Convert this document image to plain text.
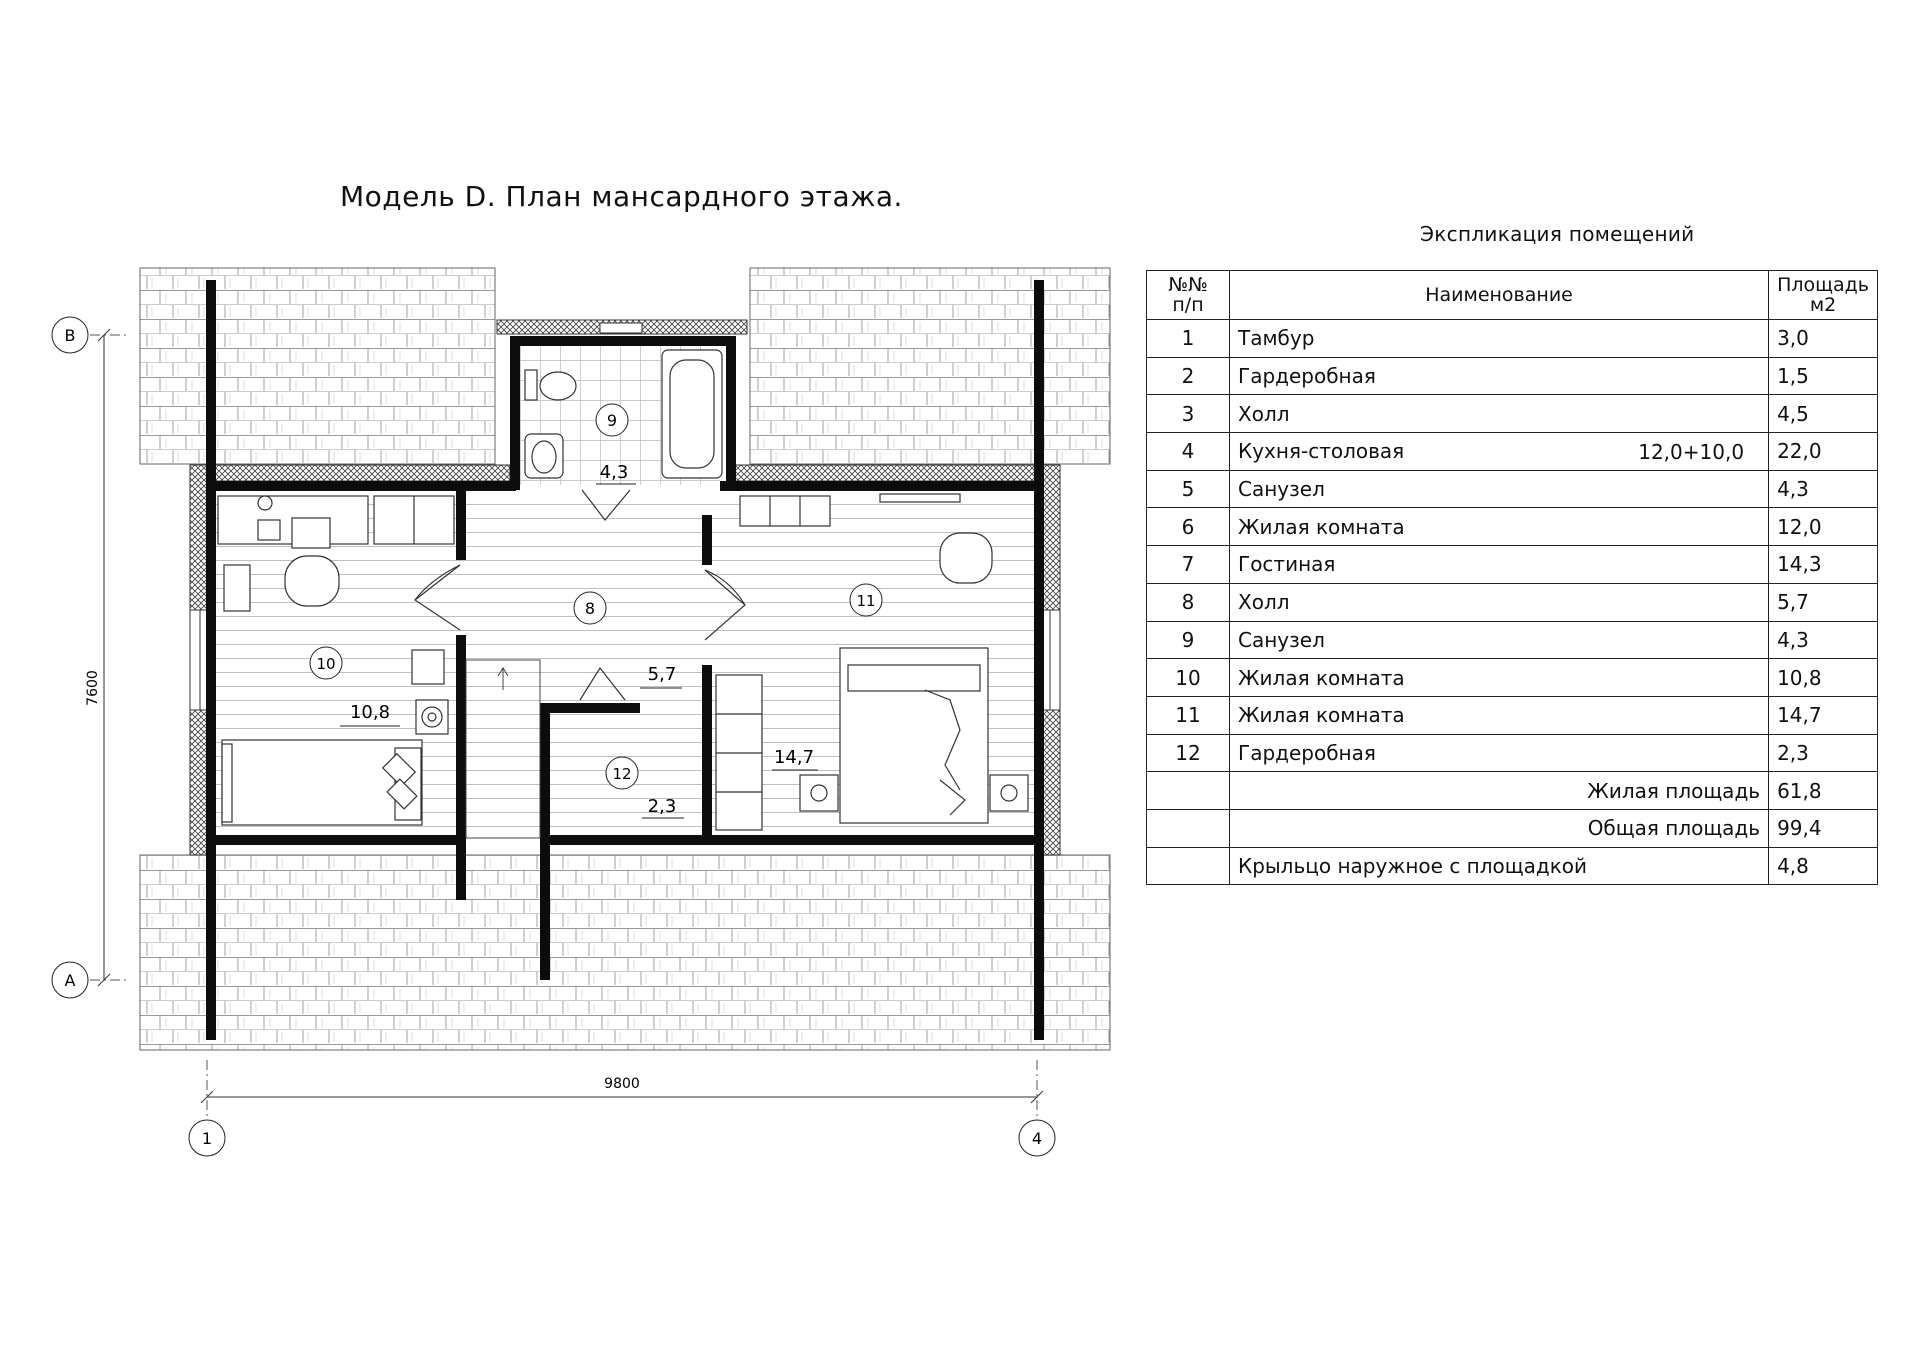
Модель D. План мансардного этажа.
9
4,3
8
5,7
11
14,7
10
10,8
12
2,3
В
А
1	4
9800
7600
Экспликация помещений
№№
п/п	Наименование	Площадь
м2
1	Тамбур	3,0
2	Гардеробная	1,5
3	Холл	4,5
4	Кухня-столовая 12,0+10,0	22,0
5	Санузел	4,3
6	Жилая комната	12,0
7	Гостиная	14,3
8	Холл	5,7
9	Санузел	4,3
10	Жилая комната	10,8
11	Жилая комната	14,7
12	Гардеробная	2,3
	Жилая площадь	61,8
	Общая площадь	99,4
	Крыльцо наружное с площадкой	4,8
